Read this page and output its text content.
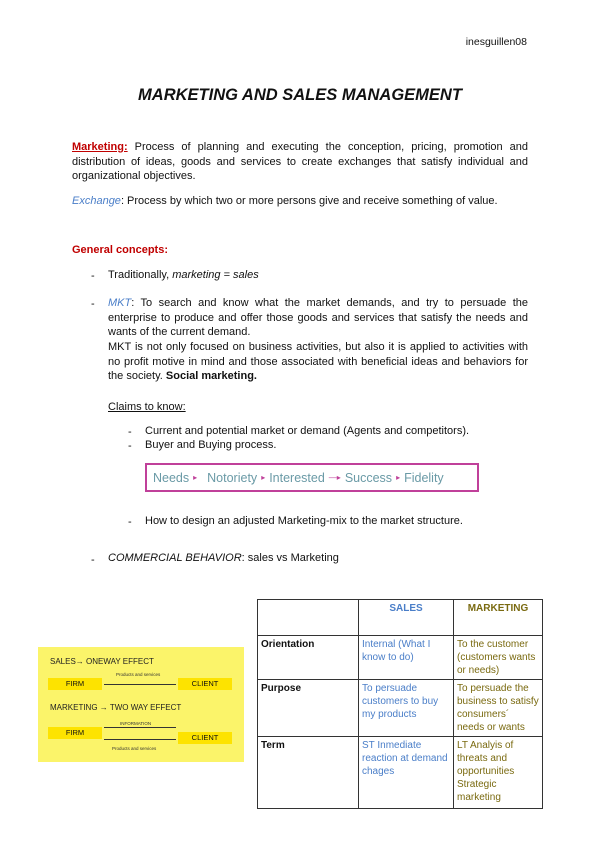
inesguillen08
MARKETING AND SALES MANAGEMENT
Marketing: Process of planning and executing the conception, pricing, promotion and distribution of ideas, goods and services to create exchanges that satisfy individual and organizational objectives.
Exchange: Process by which two or more persons give and receive something of value.
General concepts:
- Traditionally, marketing = sales
- MKT: To search and know what the market demands, and try to persuade the enterprise to produce and offer those goods and services that satisfy the needs and wants of the current demand.
MKT is not only focused on business activities, but also it is applied to activities with no profit motive in mind and those associated with beneficial ideas and behaviors for the society. Social marketing.
Claims to know:
- Current and potential market or demand (Agents and competitors).
- Buyer and Buying process.
Needs ▸ Notoriety ▸ Interested —▸ Success ▸ Fidelity
- How to design an adjusted Marketing-mix to the market structure.
- COMMERCIAL BEHAVIOR: sales vs Marketing
SALES→ ONEWAY EFFECT
Products and services
FIRM	CLIENT
MARKETING → TWO WAY EFFECT
INFORMATION
FIRM
CLIENT
Products and services
	SALES	MARKETING
Orientation	Internal (What I know to do)	To the customer (customers wants or needs)
Purpose	To persuade customers to buy my products	To persuade the business to satisfy consumers´ needs or wants
Term	ST Inmediate reaction at demand chages	LT Analyis of threats and opportunities
Strategic marketing
